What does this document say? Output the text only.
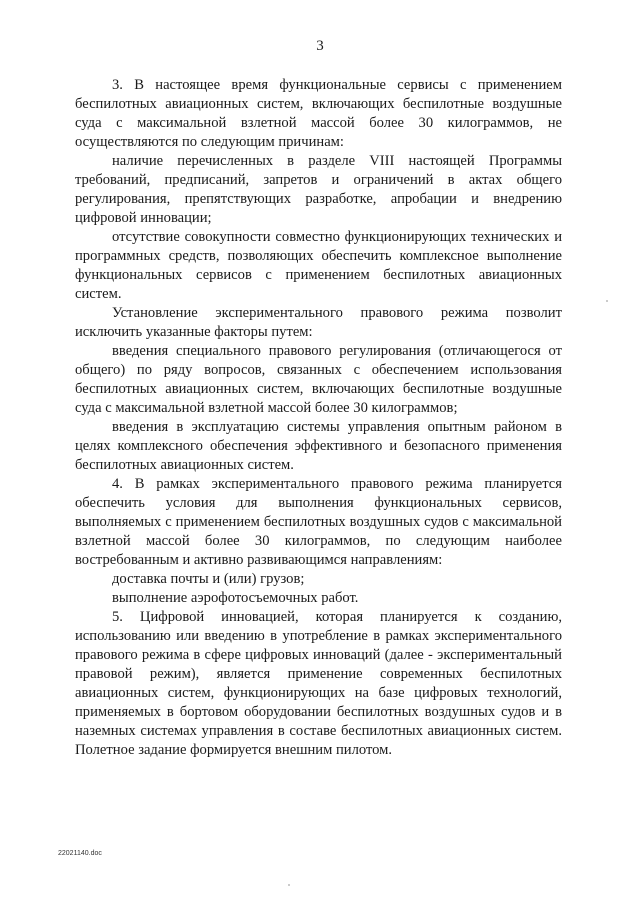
3

3. В настоящее время функциональные сервисы с применением беспилотных авиационных систем, включающих беспилотные воздушные суда с максимальной взлетной массой более 30 килограммов, не осуществляются по следующим причинам:

наличие перечисленных в разделе VIII настоящей Программы требований, предписаний, запретов и ограничений в актах общего регулирования, препятствующих разработке, апробации и внедрению цифровой инновации;

отсутствие совокупности совместно функционирующих технических и программных средств, позволяющих обеспечить комплексное выполнение функциональных сервисов с применением беспилотных авиационных систем.

Установление экспериментального правового режима позволит исключить указанные факторы путем:

введения специального правового регулирования (отличающегося от общего) по ряду вопросов, связанных с обеспечением использования беспилотных авиационных систем, включающих беспилотные воздушные суда с максимальной взлетной массой более 30 килограммов;

введения в эксплуатацию системы управления опытным районом в целях комплексного обеспечения эффективного и безопасного применения беспилотных авиационных систем.

4. В рамках экспериментального правового режима планируется обеспечить условия для выполнения функциональных сервисов, выполняемых с применением беспилотных воздушных судов с максимальной взлетной массой более 30 килограммов, по следующим наиболее востребованным и активно развивающимся направлениям:

доставка почты и (или) грузов;

выполнение аэрофотосъемочных работ.

5. Цифровой инновацией, которая планируется к созданию, использованию или введению в употребление в рамках экспериментального правового режима в сфере цифровых инноваций (далее - экспериментальный правовой режим), является применение современных беспилотных авиационных систем, функционирующих на базе цифровых технологий, применяемых в бортовом оборудовании беспилотных воздушных судов и в наземных системах управления в составе беспилотных авиационных систем. Полетное задание формируется внешним пилотом.

22021140.doc
